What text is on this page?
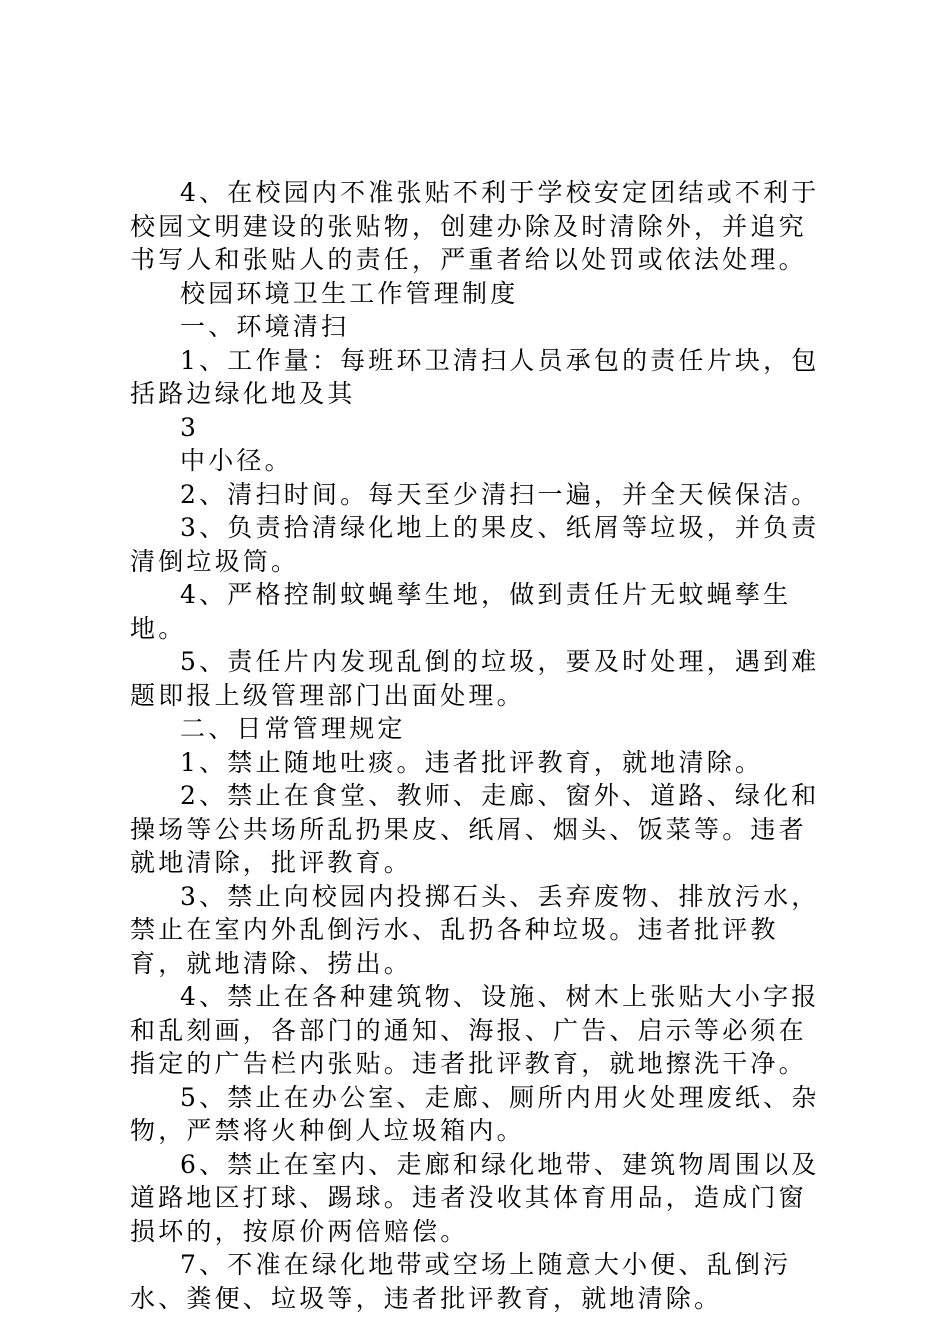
4、在校园内不准张贴不利于学校安定团结或不利于校园文明建设的张贴物，创建办除及时清除外，并追究书写人和张贴人的责任，严重者给以处罚或依法处理。

校园环境卫生工作管理制度

一、环境清扫

1、工作量：每班环卫清扫人员承包的责任片块，包括路边绿化地及其

3

中小径。

2、清扫时间。每天至少清扫一遍，并全天候保洁。

3、负责拾清绿化地上的果皮、纸屑等垃圾，并负责清倒垃圾筒。

4、严格控制蚊蝇孳生地，做到责任片无蚊蝇孳生地。

5、责任片内发现乱倒的垃圾，要及时处理，遇到难题即报上级管理部门出面处理。

二、日常管理规定

1、禁止随地吐痰。违者批评教育，就地清除。

2、禁止在食堂、教师、走廊、窗外、道路、绿化和操场等公共场所乱扔果皮、纸屑、烟头、饭菜等。违者就地清除，批评教育。

3、禁止向校园内投掷石头、丢弃废物、排放污水，禁止在室内外乱倒污水、乱扔各种垃圾。违者批评教育，就地清除、捞出。

4、禁止在各种建筑物、设施、树木上张贴大小字报和乱刻画，各部门的通知、海报、广告、启示等必须在指定的广告栏内张贴。违者批评教育，就地擦洗干净。

5、禁止在办公室、走廊、厕所内用火处理废纸、杂物，严禁将火种倒人垃圾箱内。

6、禁止在室内、走廊和绿化地带、建筑物周围以及道路地区打球、踢球。违者没收其体育用品，造成门窗损坏的，按原价两倍赔偿。

7、不准在绿化地带或空场上随意大小便、乱倒污水、粪便、垃圾等，违者批评教育，就地清除。
